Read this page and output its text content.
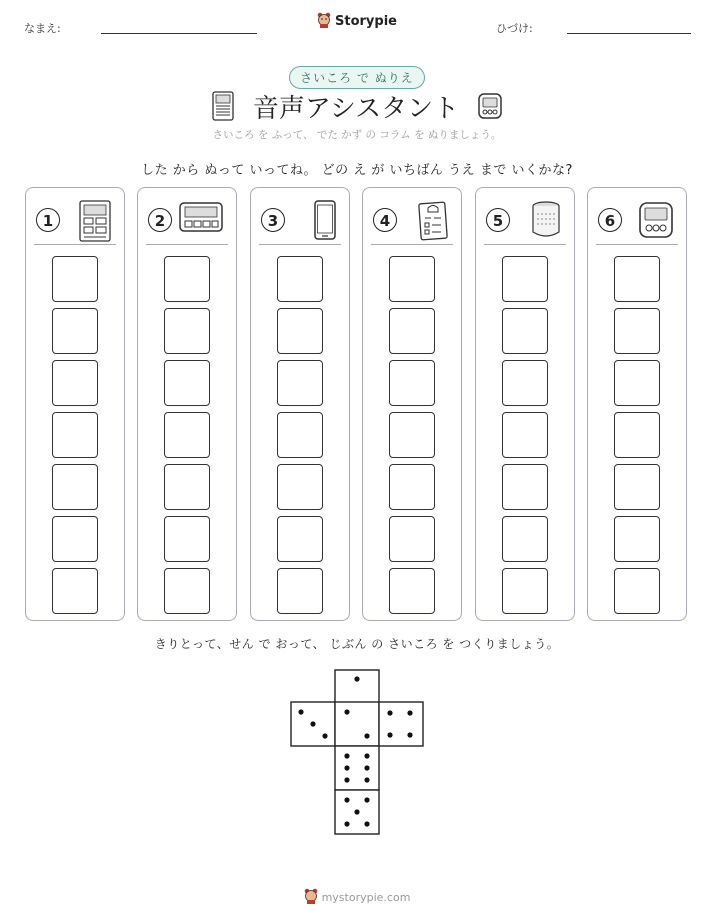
なまえ:	ひづけ:
Storypie
さいころ で ぬりえ
音声アシスタント
さいころ を ふって、 でた かず の コラム を ぬりましょう。
した から ぬって いってね。 どの え が いちばん うえ まで いくかな?
1	2	3	4	5	6
きりとって、せん で おって、 じぶん の さいころ を つくりましょう。
mystorypie.com
